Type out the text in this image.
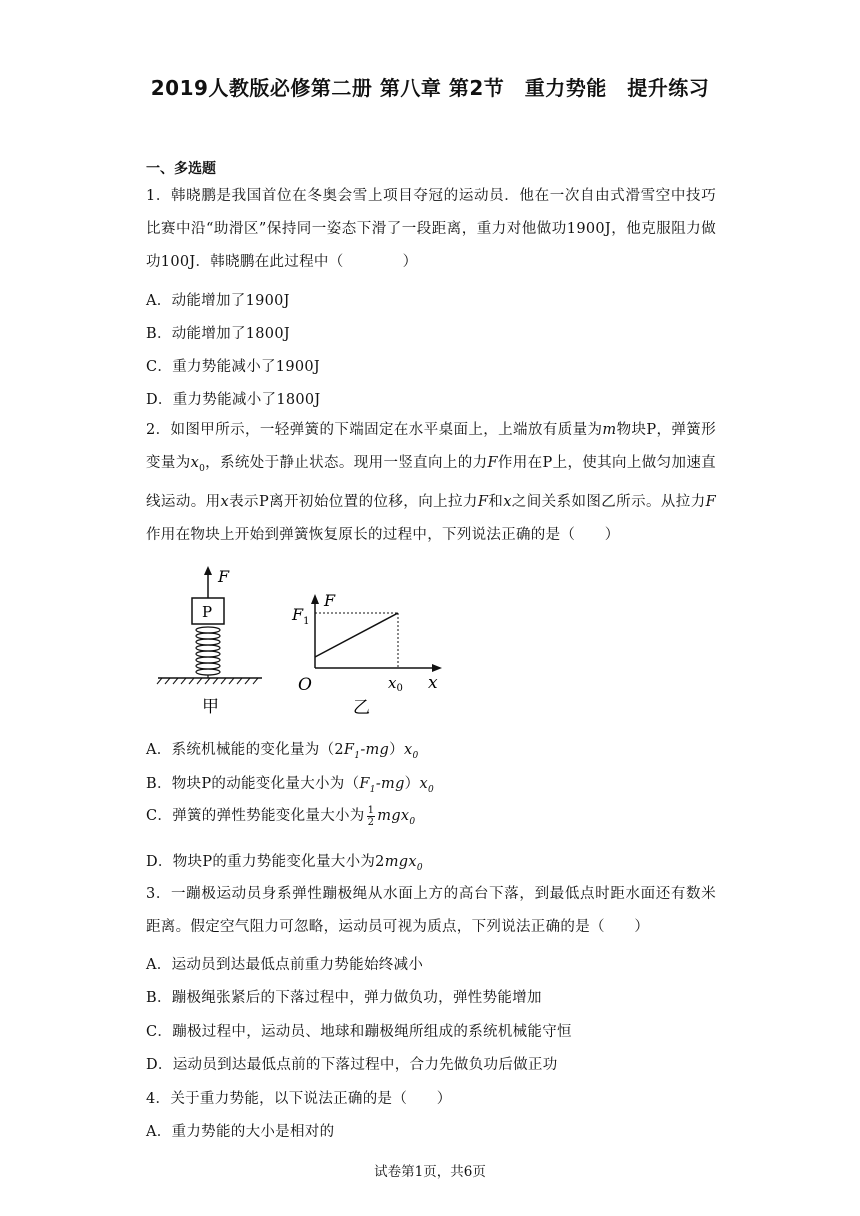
2019人教版必修第二册 第八章 第2节　重力势能　提升练习
一、多选题
1．韩晓鹏是我国首位在冬奥会雪上项目夺冠的运动员．他在一次自由式滑雪空中技巧比赛中沿“助滑区”保持同一姿态下滑了一段距离，重力对他做功1900J，他克服阻力做功100J．韩晓鹏在此过程中（　　　　）
A．动能增加了1900J
B．动能增加了1800J
C．重力势能减小了1900J
D．重力势能减小了1800J
2．如图甲所示，一轻弹簧的下端固定在水平桌面上，上端放有质量为m物块P，弹簧形变量为$x_0$，系统处于静止状态。现用一竖直向上的力F作用在P上，使其向上做匀加速直线运动。用x表示P离开初始位置的位移，向上拉力F和x之间关系如图乙所示。从拉力F作用在物块上开始到弹簧恢复原长的过程中，下列说法正确的是（　　）
F
P
甲
F
$F_1$
O	$x_0$ x
乙
A．系统机械能的变化量为$(2F_1-mg)x_0$
B．物块P的动能变化量大小为$(F_1-mg)x_0$
C．弹簧的弹性势能变化量大小为 $\frac{1}{2} mgx_0$
D．物块P的重力势能变化量大小为2mgx$_0$
3．一蹦极运动员身系弹性蹦极绳从水面上方的高台下落，到最低点时距水面还有数米距离。假定空气阻力可忽略，运动员可视为质点，下列说法正确的是（　　）
A．运动员到达最低点前重力势能始终减小
B．蹦极绳张紧后的下落过程中，弹力做负功，弹性势能增加
C．蹦极过程中，运动员、地球和蹦极绳所组成的系统机械能守恒
D．运动员到达最低点前的下落过程中，合力先做负功后做正功
4．关于重力势能，以下说法正确的是（　　）
A．重力势能的大小是相对的
试卷第1页，共6页
